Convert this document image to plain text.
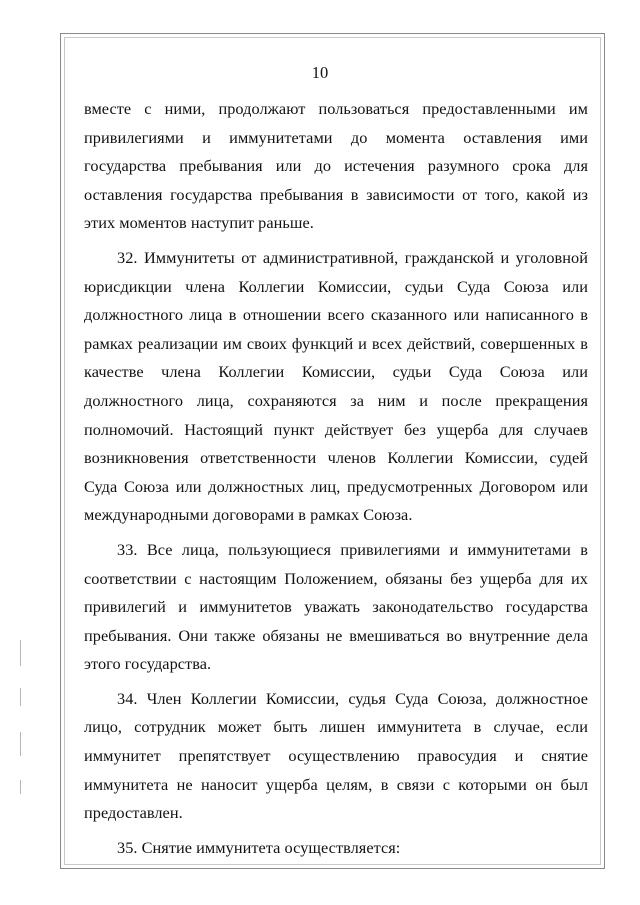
10

вместе с ними, продолжают пользоваться предоставленными им привилегиями и иммунитетами до момента оставления ими государства пребывания или до истечения разумного срока для оставления государства пребывания в зависимости от того, какой из этих моментов наступит раньше.

32. Иммунитеты от административной, гражданской и уголовной юрисдикции члена Коллегии Комиссии, судьи Суда Союза или должностного лица в отношении всего сказанного или написанного в рамках реализации им своих функций и всех действий, совершенных в качестве члена Коллегии Комиссии, судьи Суда Союза или должностного лица, сохраняются за ним и после прекращения полномочий. Настоящий пункт действует без ущерба для случаев возникновения ответственности членов Коллегии Комиссии, судей Суда Союза или должностных лиц, предусмотренных Договором или международными договорами в рамках Союза.

33. Все лица, пользующиеся привилегиями и иммунитетами в соответствии с настоящим Положением, обязаны без ущерба для их привилегий и иммунитетов уважать законодательство государства пребывания. Они также обязаны не вмешиваться во внутренние дела этого государства.

34. Член Коллегии Комиссии, судья Суда Союза, должностное лицо, сотрудник может быть лишен иммунитета в случае, если иммунитет препятствует осуществлению правосудия и снятие иммунитета не наносит ущерба целям, в связи с которыми он был предоставлен.

35. Снятие иммунитета осуществляется:
